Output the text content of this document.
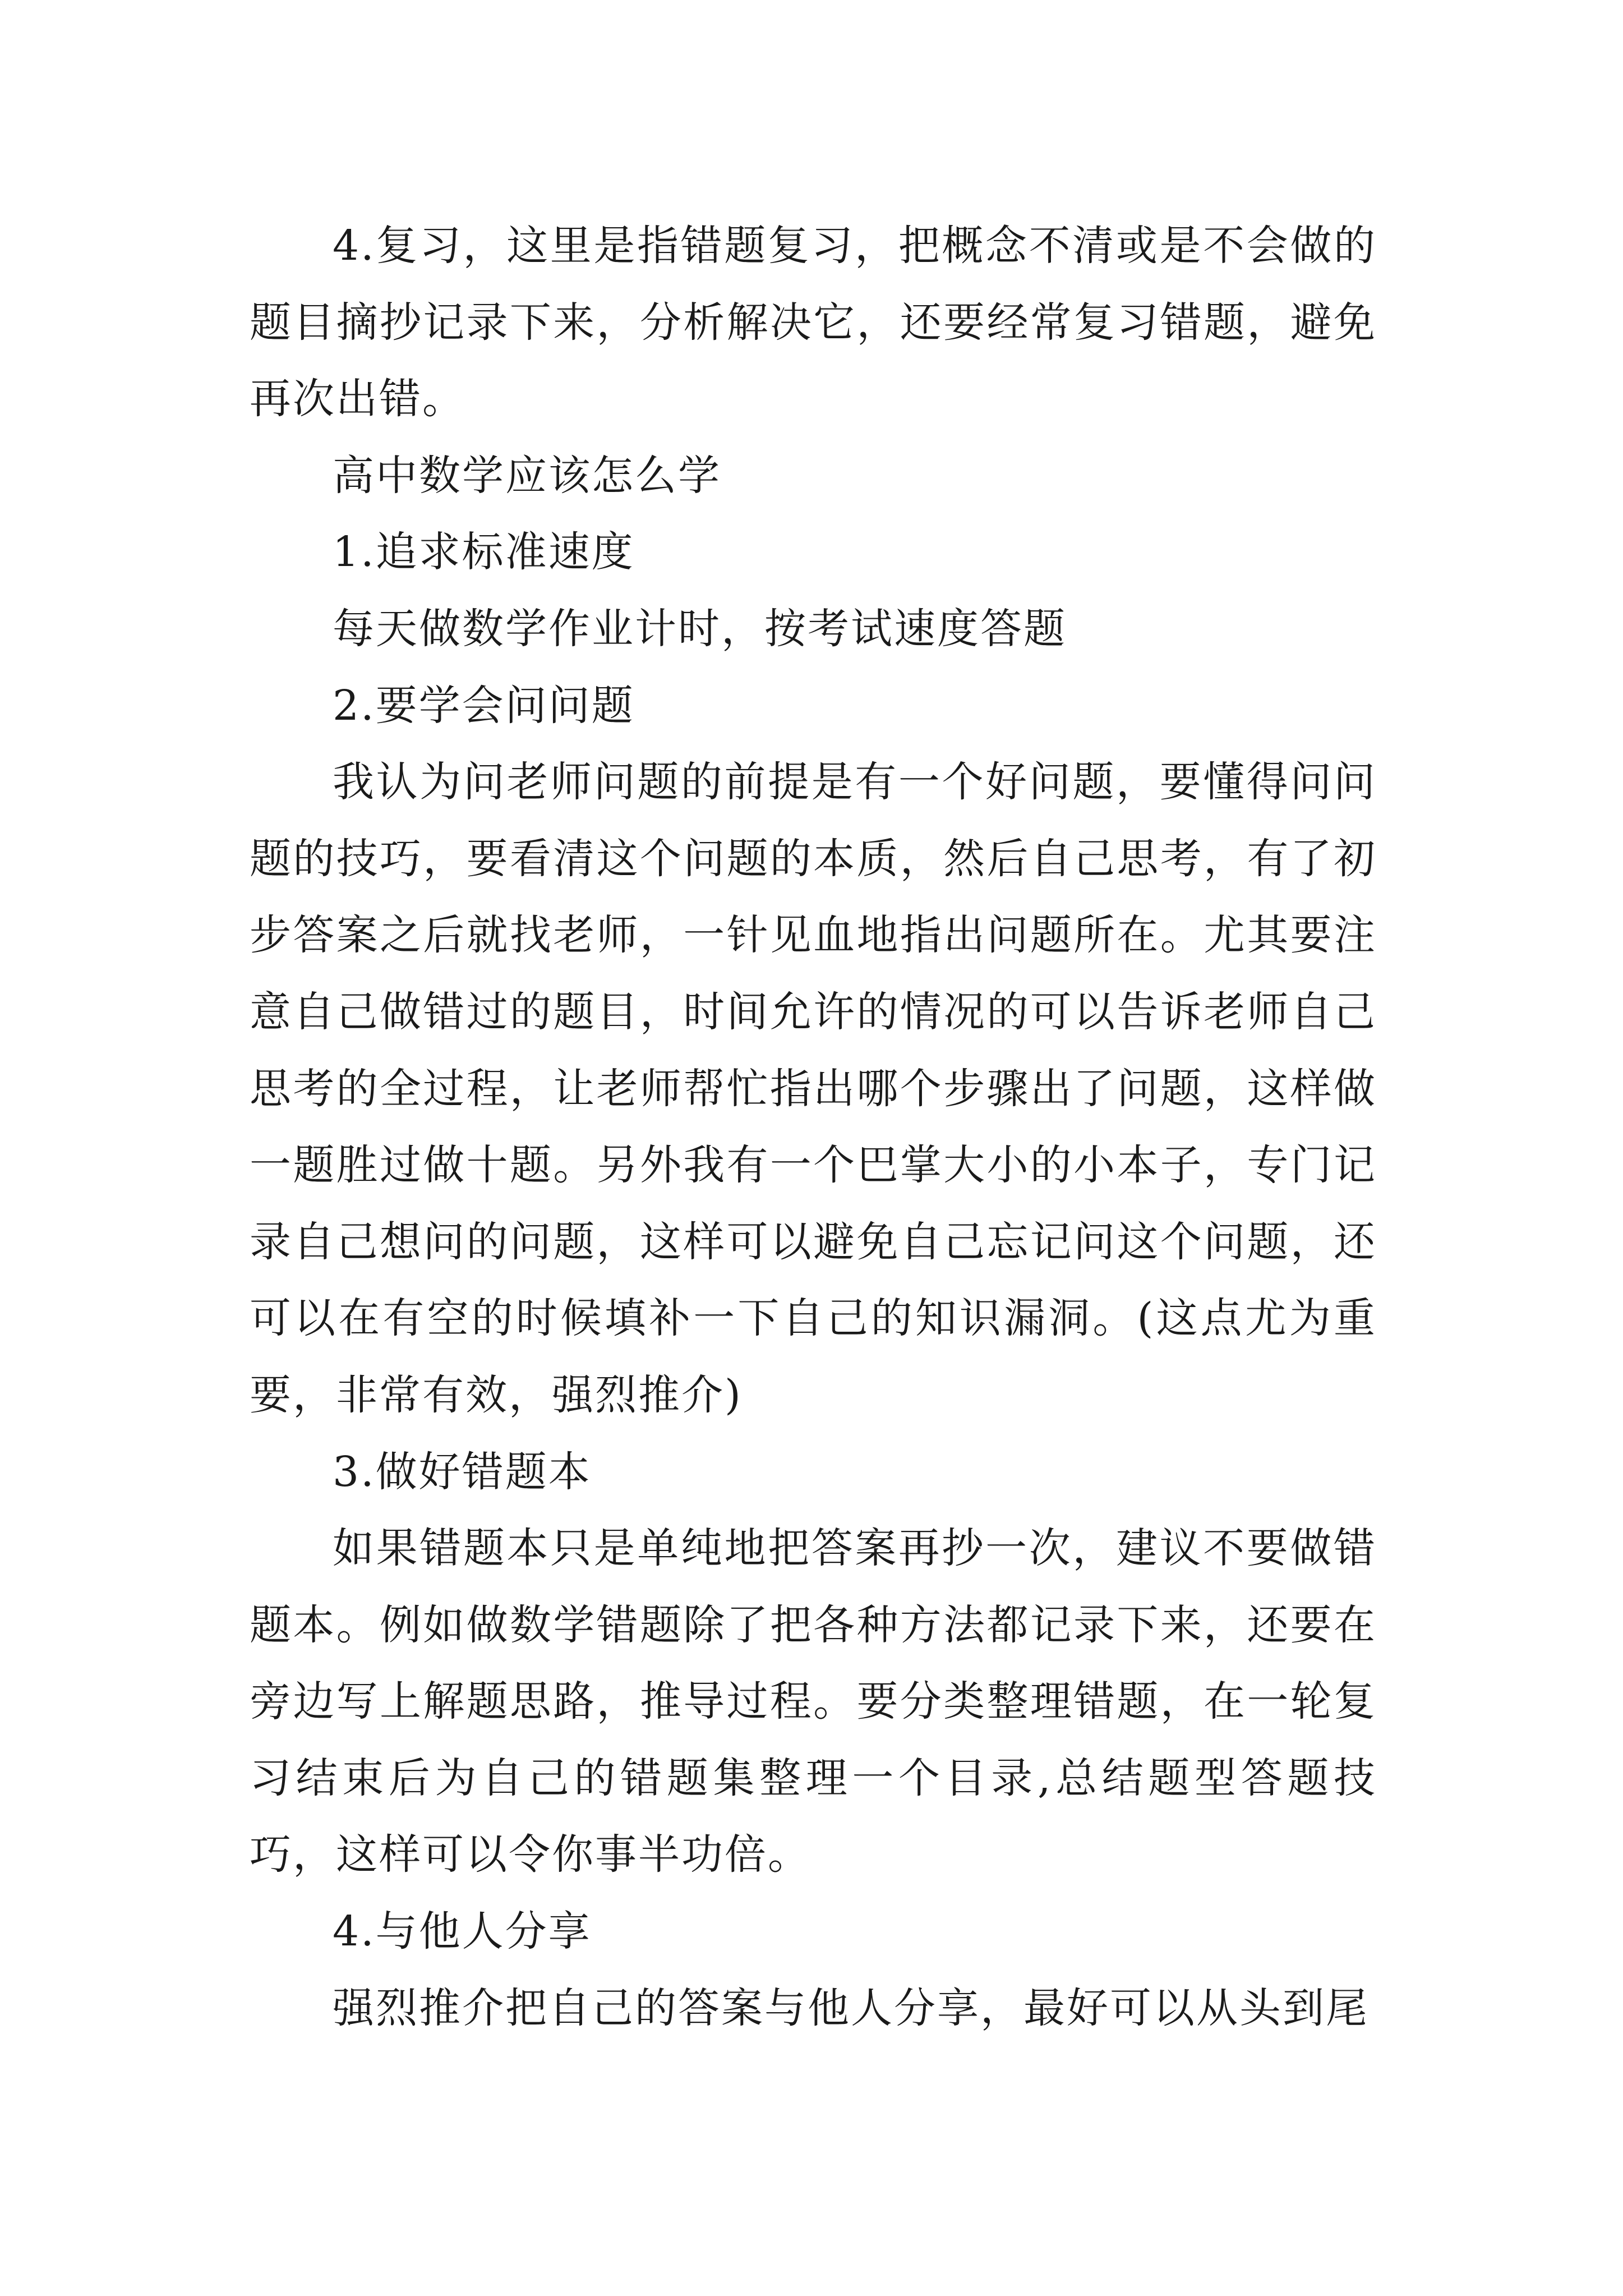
4.复习，这里是指错题复习，把概念不清或是不会做的题目摘抄记录下来，分析解决它，还要经常复习错题，避免再次出错。

高中数学应该怎么学

1.追求标准速度

每天做数学作业计时，按考试速度答题

2.要学会问问题

我认为问老师问题的前提是有一个好问题，要懂得问问题的技巧，要看清这个问题的本质，然后自己思考，有了初步答案之后就找老师，一针见血地指出问题所在。尤其要注意自己做错过的题目，时间允许的情况的可以告诉老师自己思考的全过程，让老师帮忙指出哪个步骤出了问题，这样做一题胜过做十题。另外我有一个巴掌大小的小本子，专门记录自己想问的问题，这样可以避免自己忘记问这个问题，还可以在有空的时候填补一下自己的知识漏洞。(这点尤为重要，非常有效，强烈推介)

3.做好错题本

如果错题本只是单纯地把答案再抄一次，建议不要做错题本。例如做数学错题除了把各种方法都记录下来，还要在旁边写上解题思路，推导过程。要分类整理错题，在一轮复习结束后为自己的错题集整理一个目录,总结题型答题技巧，这样可以令你事半功倍。

4.与他人分享

强烈推介把自己的答案与他人分享，最好可以从头到尾
